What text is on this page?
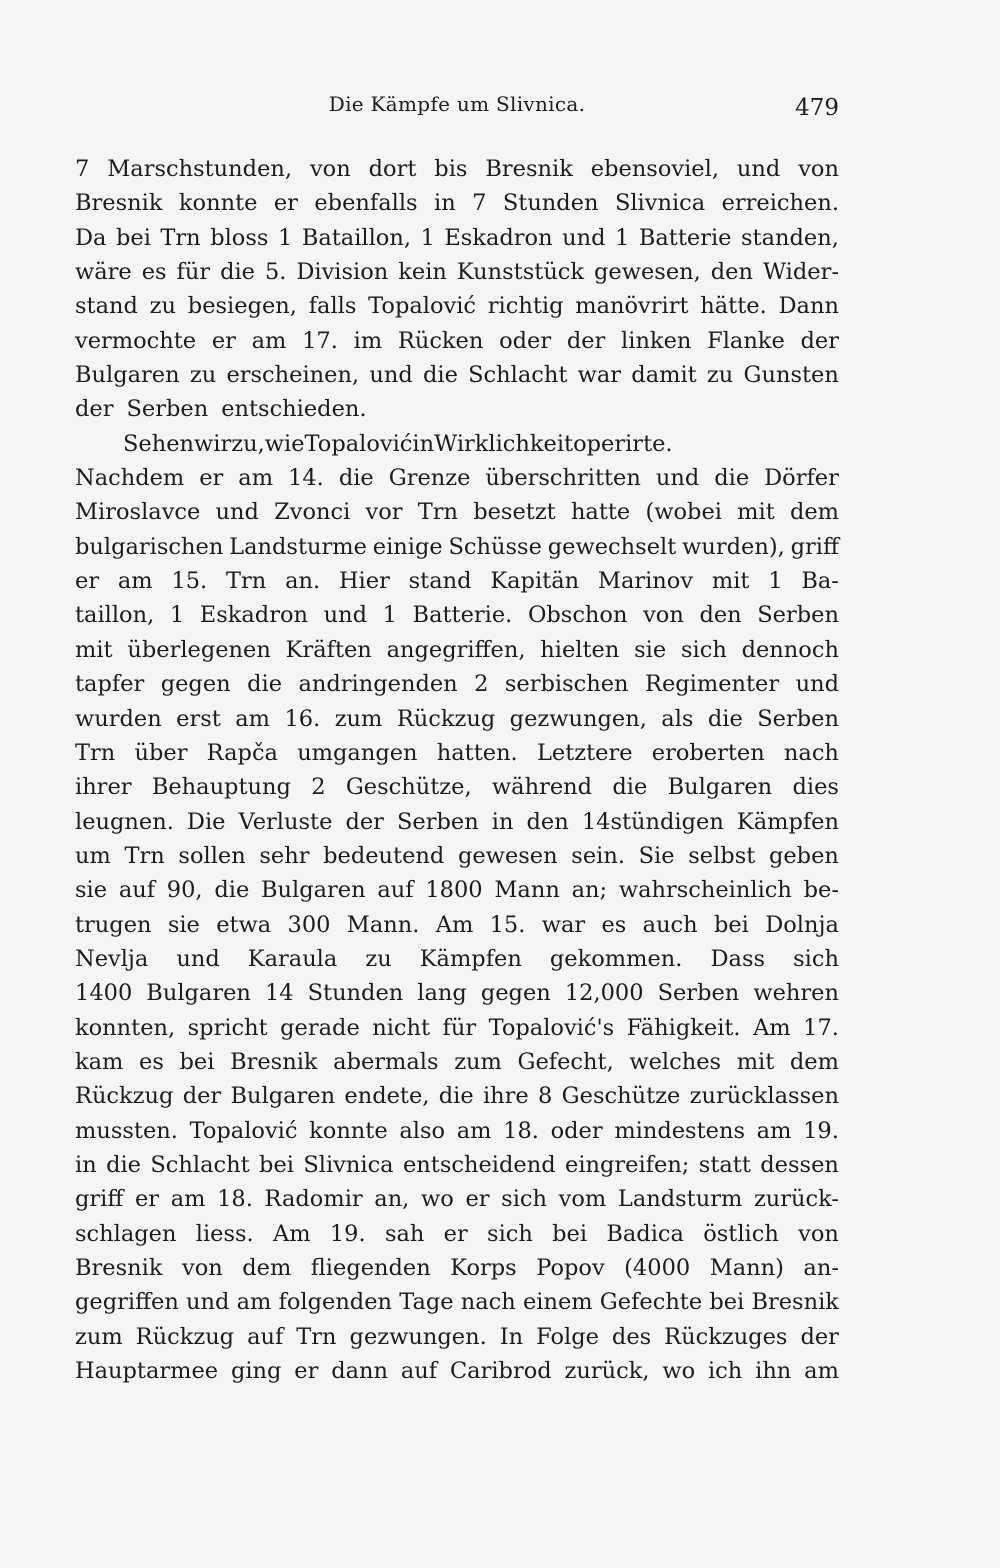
Die Kämpfe um Slivnica.	479
7 Marschstunden, von dort bis Bresnik ebensoviel, und von
Bresnik konnte er ebenfalls in 7 Stunden Slivnica erreichen.
Da bei Trn bloss 1 Bataillon, 1 Eskadron und 1 Batterie standen,
wäre es für die 5. Division kein Kunststück gewesen, den Wider-
stand zu besiegen, falls Topalović richtig manövrirt hätte. Dann
vermochte er am 17. im Rücken oder der linken Flanke der
Bulgaren zu erscheinen, und die Schlacht war damit zu Gunsten
der Serben entschieden.
Sehenwirzu,wieTopalovićinWirklichkeitoperirte.
Nachdem er am 14. die Grenze überschritten und die Dörfer
Miroslavce und Zvonci vor Trn besetzt hatte (wobei mit dem
bulgarischen Landsturme einige Schüsse gewechselt wurden), griff
er am 15. Trn an. Hier stand Kapitän Marinov mit 1 Ba-
taillon, 1 Eskadron und 1 Batterie. Obschon von den Serben
mit überlegenen Kräften angegriffen, hielten sie sich dennoch
tapfer gegen die andringenden 2 serbischen Regimenter und
wurden erst am 16. zum Rückzug gezwungen, als die Serben
Trn über Rapča umgangen hatten. Letztere eroberten nach
ihrer Behauptung 2 Geschütze, während die Bulgaren dies
leugnen. Die Verluste der Serben in den 14stündigen Kämpfen
um Trn sollen sehr bedeutend gewesen sein. Sie selbst geben
sie auf 90, die Bulgaren auf 1800 Mann an; wahrscheinlich be-
trugen sie etwa 300 Mann. Am 15. war es auch bei Dolnja
Nevlja und Karaula zu Kämpfen gekommen. Dass sich
1400 Bulgaren 14 Stunden lang gegen 12,000 Serben wehren
konnten, spricht gerade nicht für Topalović's Fähigkeit. Am 17.
kam es bei Bresnik abermals zum Gefecht, welches mit dem
Rückzug der Bulgaren endete, die ihre 8 Geschütze zurücklassen
mussten. Topalović konnte also am 18. oder mindestens am 19.
in die Schlacht bei Slivnica entscheidend eingreifen; statt dessen
griff er am 18. Radomir an, wo er sich vom Landsturm zurück-
schlagen liess. Am 19. sah er sich bei Badica östlich von
Bresnik von dem fliegenden Korps Popov (4000 Mann) an-
gegriffen und am folgenden Tage nach einem Gefechte bei Bresnik
zum Rückzug auf Trn gezwungen. In Folge des Rückzuges der
Hauptarmee ging er dann auf Caribrod zurück, wo ich ihn am
